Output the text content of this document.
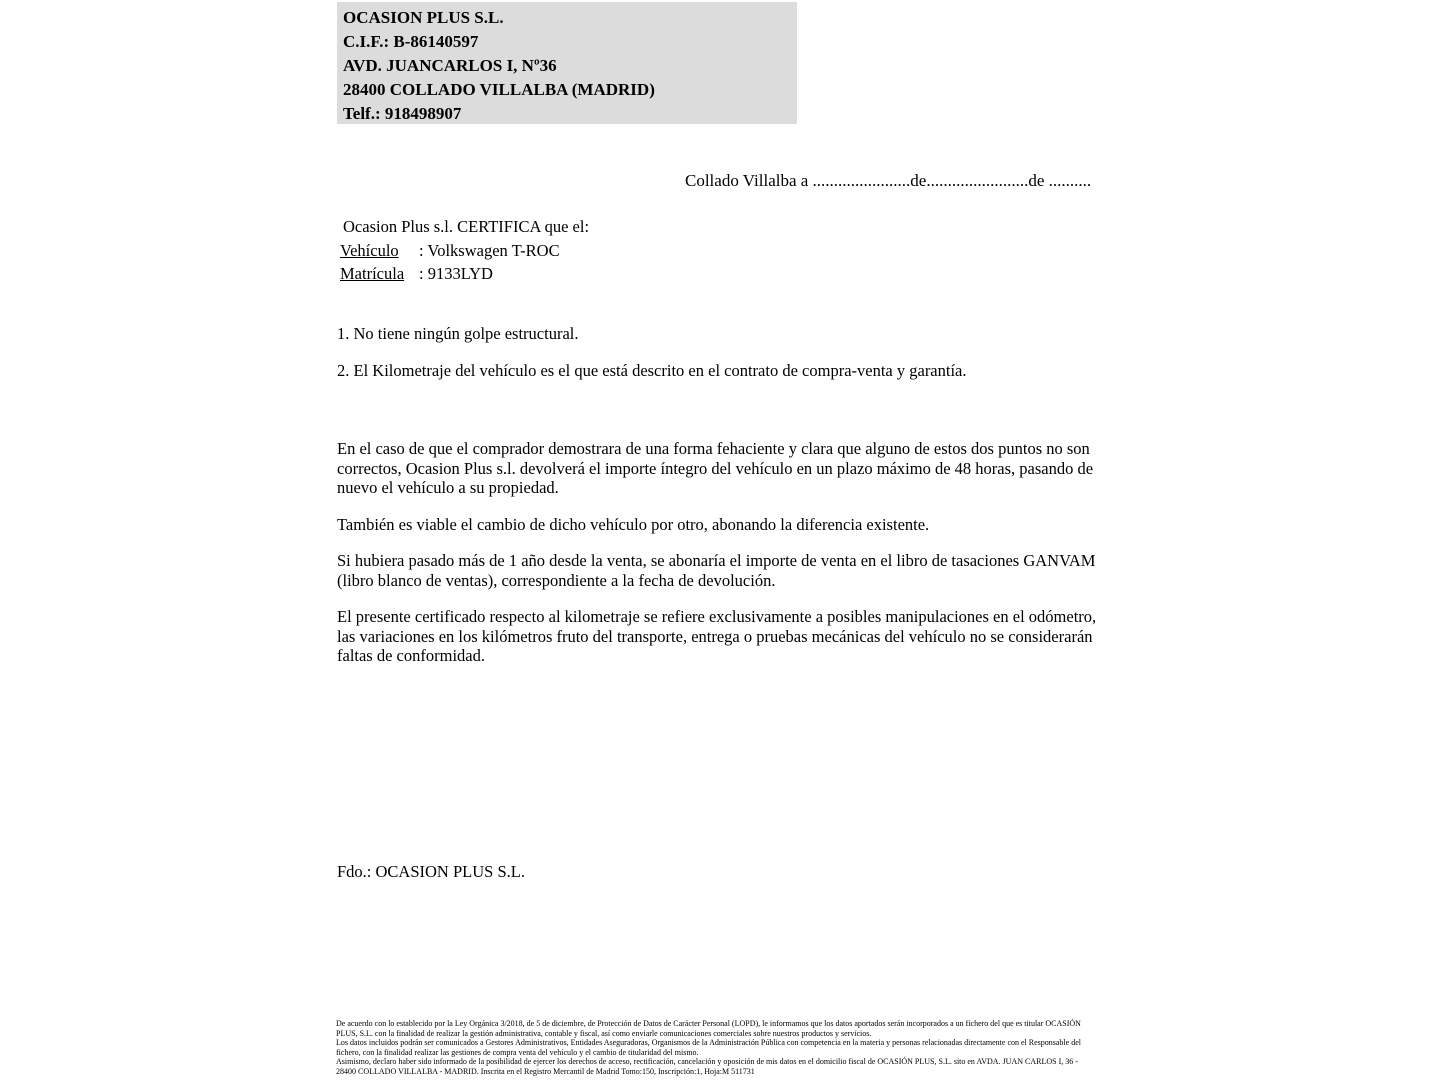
OCASION PLUS S.L.
C.I.F.: B-86140597
AVD. JUANCARLOS I, Nº36
28400 COLLADO VILLALBA (MADRID)
Telf.: 918498907
Collado Villalba a .......................de........................de ..........
Ocasion Plus s.l. CERTIFICA que el:
Vehículo : Volkswagen T-ROC
Matrícula : 9133LYD

1. No tiene ningún golpe estructural.

2. El Kilometraje del vehículo es el que está descrito en el contrato de compra-venta y garantía.

En el caso de que el comprador demostrara de una forma fehaciente y clara que alguno de estos dos puntos no son correctos, Ocasion Plus s.l. devolverá el importe íntegro del vehículo en un plazo máximo de 48 horas, pasando de nuevo el vehículo a su propiedad.

También es viable el cambio de dicho vehículo por otro, abonando la diferencia existente.

Si hubiera pasado más de 1 año desde la venta, se abonaría el importe de venta en el libro de tasaciones GANVAM (libro blanco de ventas), correspondiente a la fecha de devolución.

El presente certificado respecto al kilometraje se refiere exclusivamente a posibles manipulaciones en el odómetro, las variaciones en los kilómetros fruto del transporte, entrega o pruebas mecánicas del vehículo no se considerarán faltas de conformidad.

Fdo.: OCASION PLUS S.L.

De acuerdo con lo establecido por la Ley Orgánica 3/2018, de 5 de diciembre, de Protección de Datos de Carácter Personal (LOPD), le informamos que los datos aportados serán incorporados a un fichero del que es titular OCASIÓN PLUS, S.L. con la finalidad de realizar la gestión administrativa, contable y fiscal, así como enviarle comunicaciones comerciales sobre nuestros productos y servicios.

Los datos incluidos podrán ser comunicados a Gestores Administrativos, Entidades Aseguradoras, Organismos de la Administración Pública con competencia en la materia y personas relacionadas directamente con el Responsable del fichero, con la finalidad realizar las gestiones de compra venta del vehículo y el cambio de titularidad del mismo.

Asimismo, declaro haber sido informado de la posibilidad de ejercer los derechos de acceso, rectificación, cancelación y oposición de mis datos en el domicilio fiscal de OCASIÓN PLUS, S.L. sito en AVDA. JUAN CARLOS I, 36 - 28400 COLLADO VILLALBA - MADRID. Inscrita en el Registro Mercantil de Madrid Tomo:150, Inscripción:1, Hoja:M 511731
